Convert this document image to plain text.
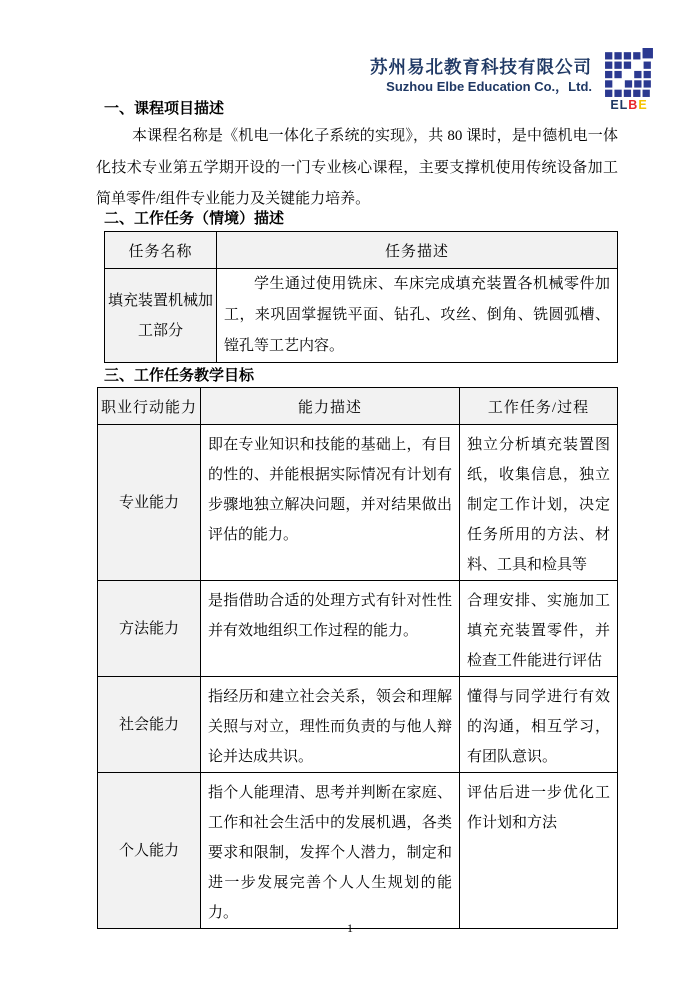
苏州易北教育科技有限公司
Suzhou Elbe Education Co.，Ltd.
ELBE
一、课程项目描述
本课程名称是《机电一体化子系统的实现》，共 80 课时，是中德机电一体化技术专业第五学期开设的一门专业核心课程，主要支撑机使用传统设备加工简单零件/组件专业能力及关键能力培养。
二、工作任务（情境）描述
任务名称	任务描述
填充装置机械加工部分	学生通过使用铣床、车床完成填充装置各机械零件加工，来巩固掌握铣平面、钻孔、攻丝、倒角、铣圆弧槽、镗孔等工艺内容。
三、工作任务教学目标
职业行动能力	能力描述	工作任务/过程
专业能力	即在专业知识和技能的基础上，有目的性的、并能根据实际情况有计划有步骤地独立解决问题，并对结果做出评估的能力。	独立分析填充装置图纸，收集信息，独立制定工作计划，决定任务所用的方法、材料、工具和检具等
方法能力	是指借助合适的处理方式有针对性性并有效地组织工作过程的能力。	合理安排、实施加工填充充装置零件，并检查工件能进行评估
社会能力	指经历和建立社会关系，领会和理解关照与对立，理性而负责的与他人辩论并达成共识。	懂得与同学进行有效的沟通，相互学习，有团队意识。
个人能力	指个人能理清、思考并判断在家庭、工作和社会生活中的发展机遇，各类要求和限制，发挥个人潜力，制定和进一步发展完善个人人生规划的能力。	评估后进一步优化工作计划和方法
1
